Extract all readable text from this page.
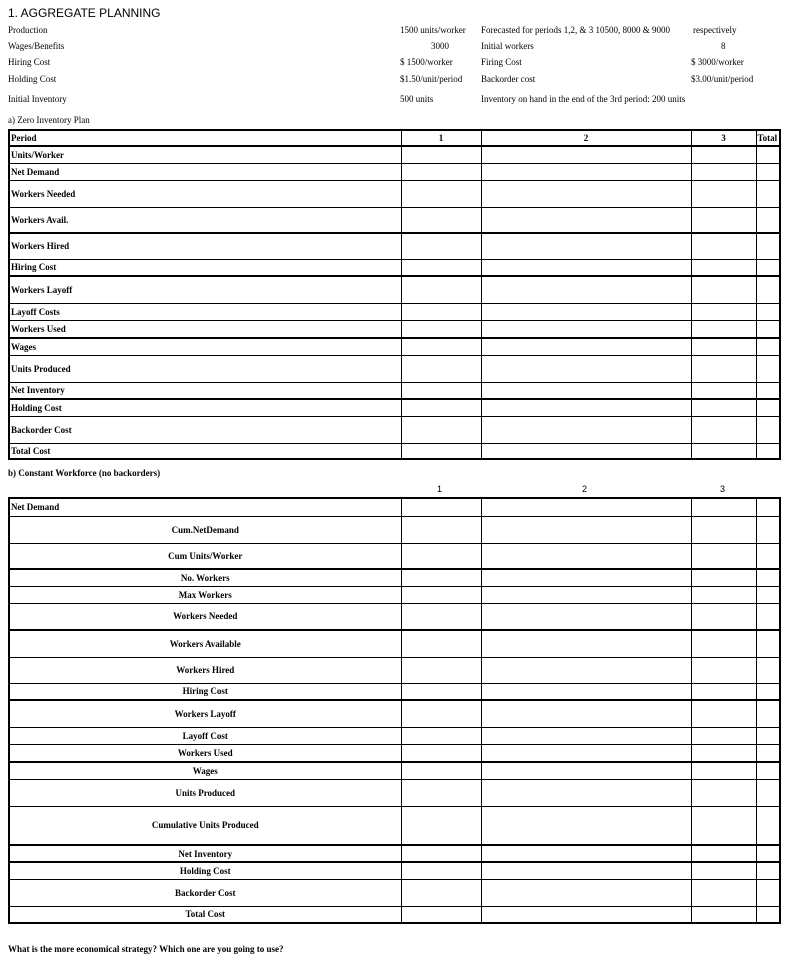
1. AGGREGATE PLANNING
Production	1500 units/worker Forecasted for periods 1,2, & 3 10500, 8000 & 9000	respectively
Wages/Benefits	3000	Initial workers	8
Hiring Cost	$ 1500/worker	Firing Cost	$ 3000/worker
Holding Cost	$1.50/unit/period Backorder cost	$3.00/unit/period
Initial Inventory	500 units	Inventory on hand in the end of the 3rd period: 200 units
a) Zero Inventory Plan
Period	1	2	3	Total
Units/Worker				
Net Demand				
Workers Needed				
Workers Avail.				
Workers Hired				
Hiring Cost				
Workers Layoff				
Layoff Costs				
Workers Used				
Wages				
Units Produced				
Net Inventory				
Holding Cost				
Backorder Cost				
Total Cost				
b) Constant Workforce (no backorders)
1	2	3
Net Demand				
Cum.NetDemand				
Cum Units/Worker				
No. Workers				
Max Workers				
Workers Needed				
Workers Available				
Workers Hired				
Hiring Cost				
Workers Layoff				
Layoff Cost				
Workers Used				
Wages				
Units Produced				
Cumulative Units Produced				
Net Inventory				
Holding Cost				
Backorder Cost				
Total Cost				
What is the more economical strategy? Which one are you going to use?
